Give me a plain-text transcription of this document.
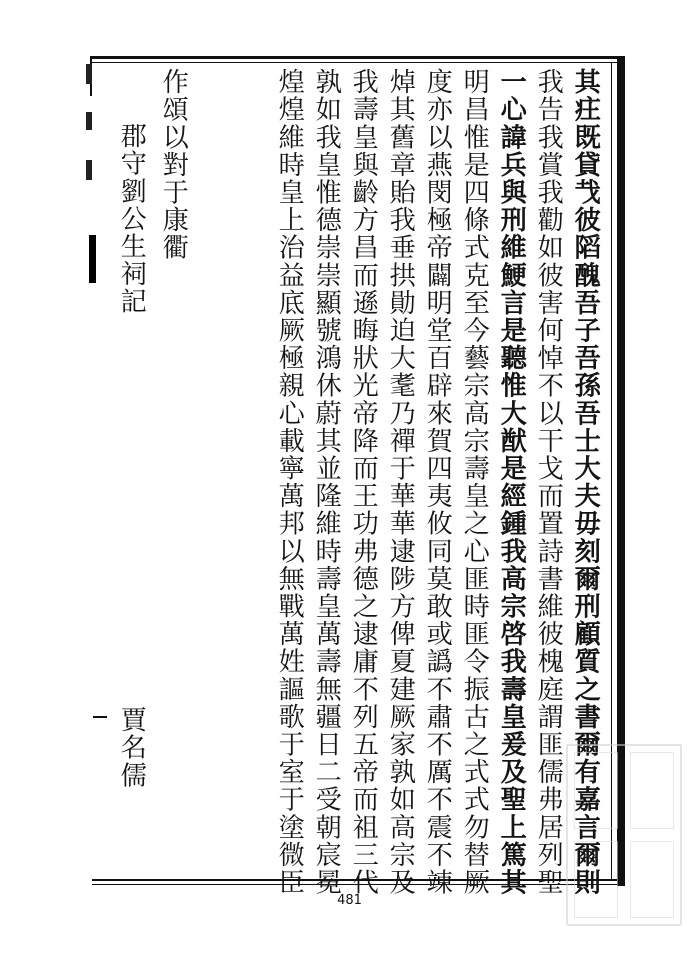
其㽵既貸𢦏彼䧟醜吾子吾孫吾士大夫毋刻爾刑顧質之書爾有嘉言爾則
我告我賞我勸如彼害何悼不以干戈而置詩書維彼槐庭謂匪儒弗居列聖
一心諱兵與刑維鯁言是聽惟大猷是經鍾我高宗啓我壽皇爰及聖上篤其
明昌惟是四條式克至今藝宗高宗壽皇之心匪時匪令振古之式式勿替厥
度亦以燕閔極帝闢明堂百辟來賀四夷攸同莫敢或譌不肅不厲不震不竦
焯其舊章貽我垂拱勛迫大耄乃禪于華華逮陟方俾夏建厥家孰如高宗及
我壽皇與齡方昌而遜晦狀光帝降而王功弗德之逮庸不列五帝而祖三代
孰如我皇惟德崇崇顯號鴻休蔚其並隆維時壽皇萬壽無疆日二受朝宸冕
煌煌維時皇上治益底厥極親心載寧萬邦以無戰萬姓謳歌于室于塗微臣
作頌以對于康衢
郡守劉公生祠記
賈名儒
481
